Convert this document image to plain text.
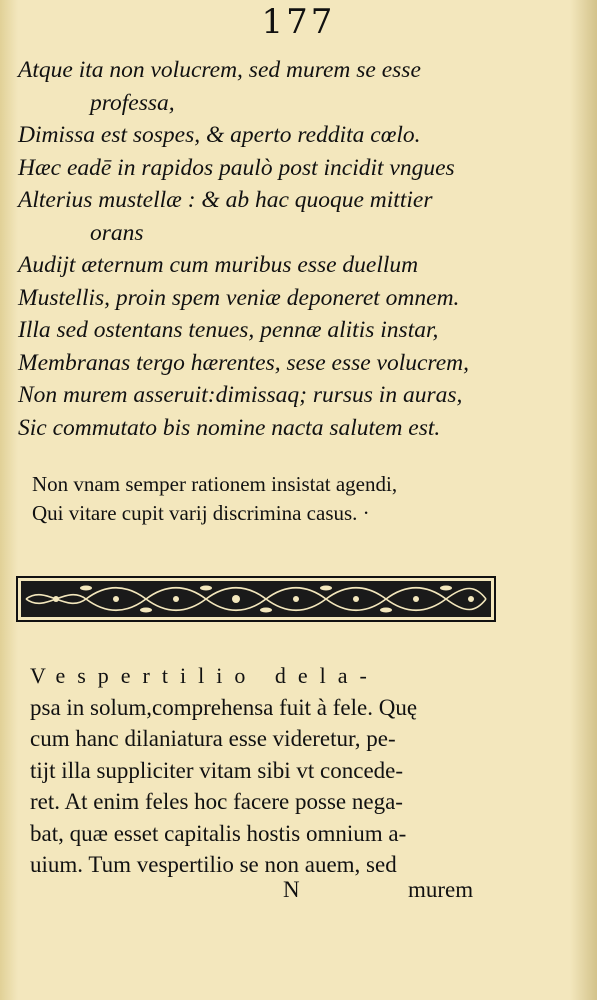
177
Atque ita non volucrem, sed murem se esse
professa,
Dimissa est sospes, & aperto reddita cœlo.
Hæc eadē in rapidos paulò post incidit vngues
Alterius mustellæ : & ab hac quoque mittier
orans
Audijt æternum cum muribus esse duellum
Mustellis, proin spem veniæ deponeret omnem.
Illa sed ostentans tenues, pennæ alitis instar,
Membranas tergo hærentes, sese esse volucrem,
Non murem asseruit:dimissaq; rursus in auras,
Sic commutato bis nomine nacta salutem est.
Non vnam semper rationem insistat agendi,
Qui vitare cupit varij discrimina casus. ·
Vespertilio dela-
psa in solum,comprehensa fuit à fele. Quę
cum hanc dilaniatura esse videretur, pe-
tijt illa suppliciter vitam sibi vt concede-
ret. At enim feles hoc facere posse nega-
bat, quæ esset capitalis hostis omnium a-
uium. Tum vespertilio se non auem, sed
N	murem
